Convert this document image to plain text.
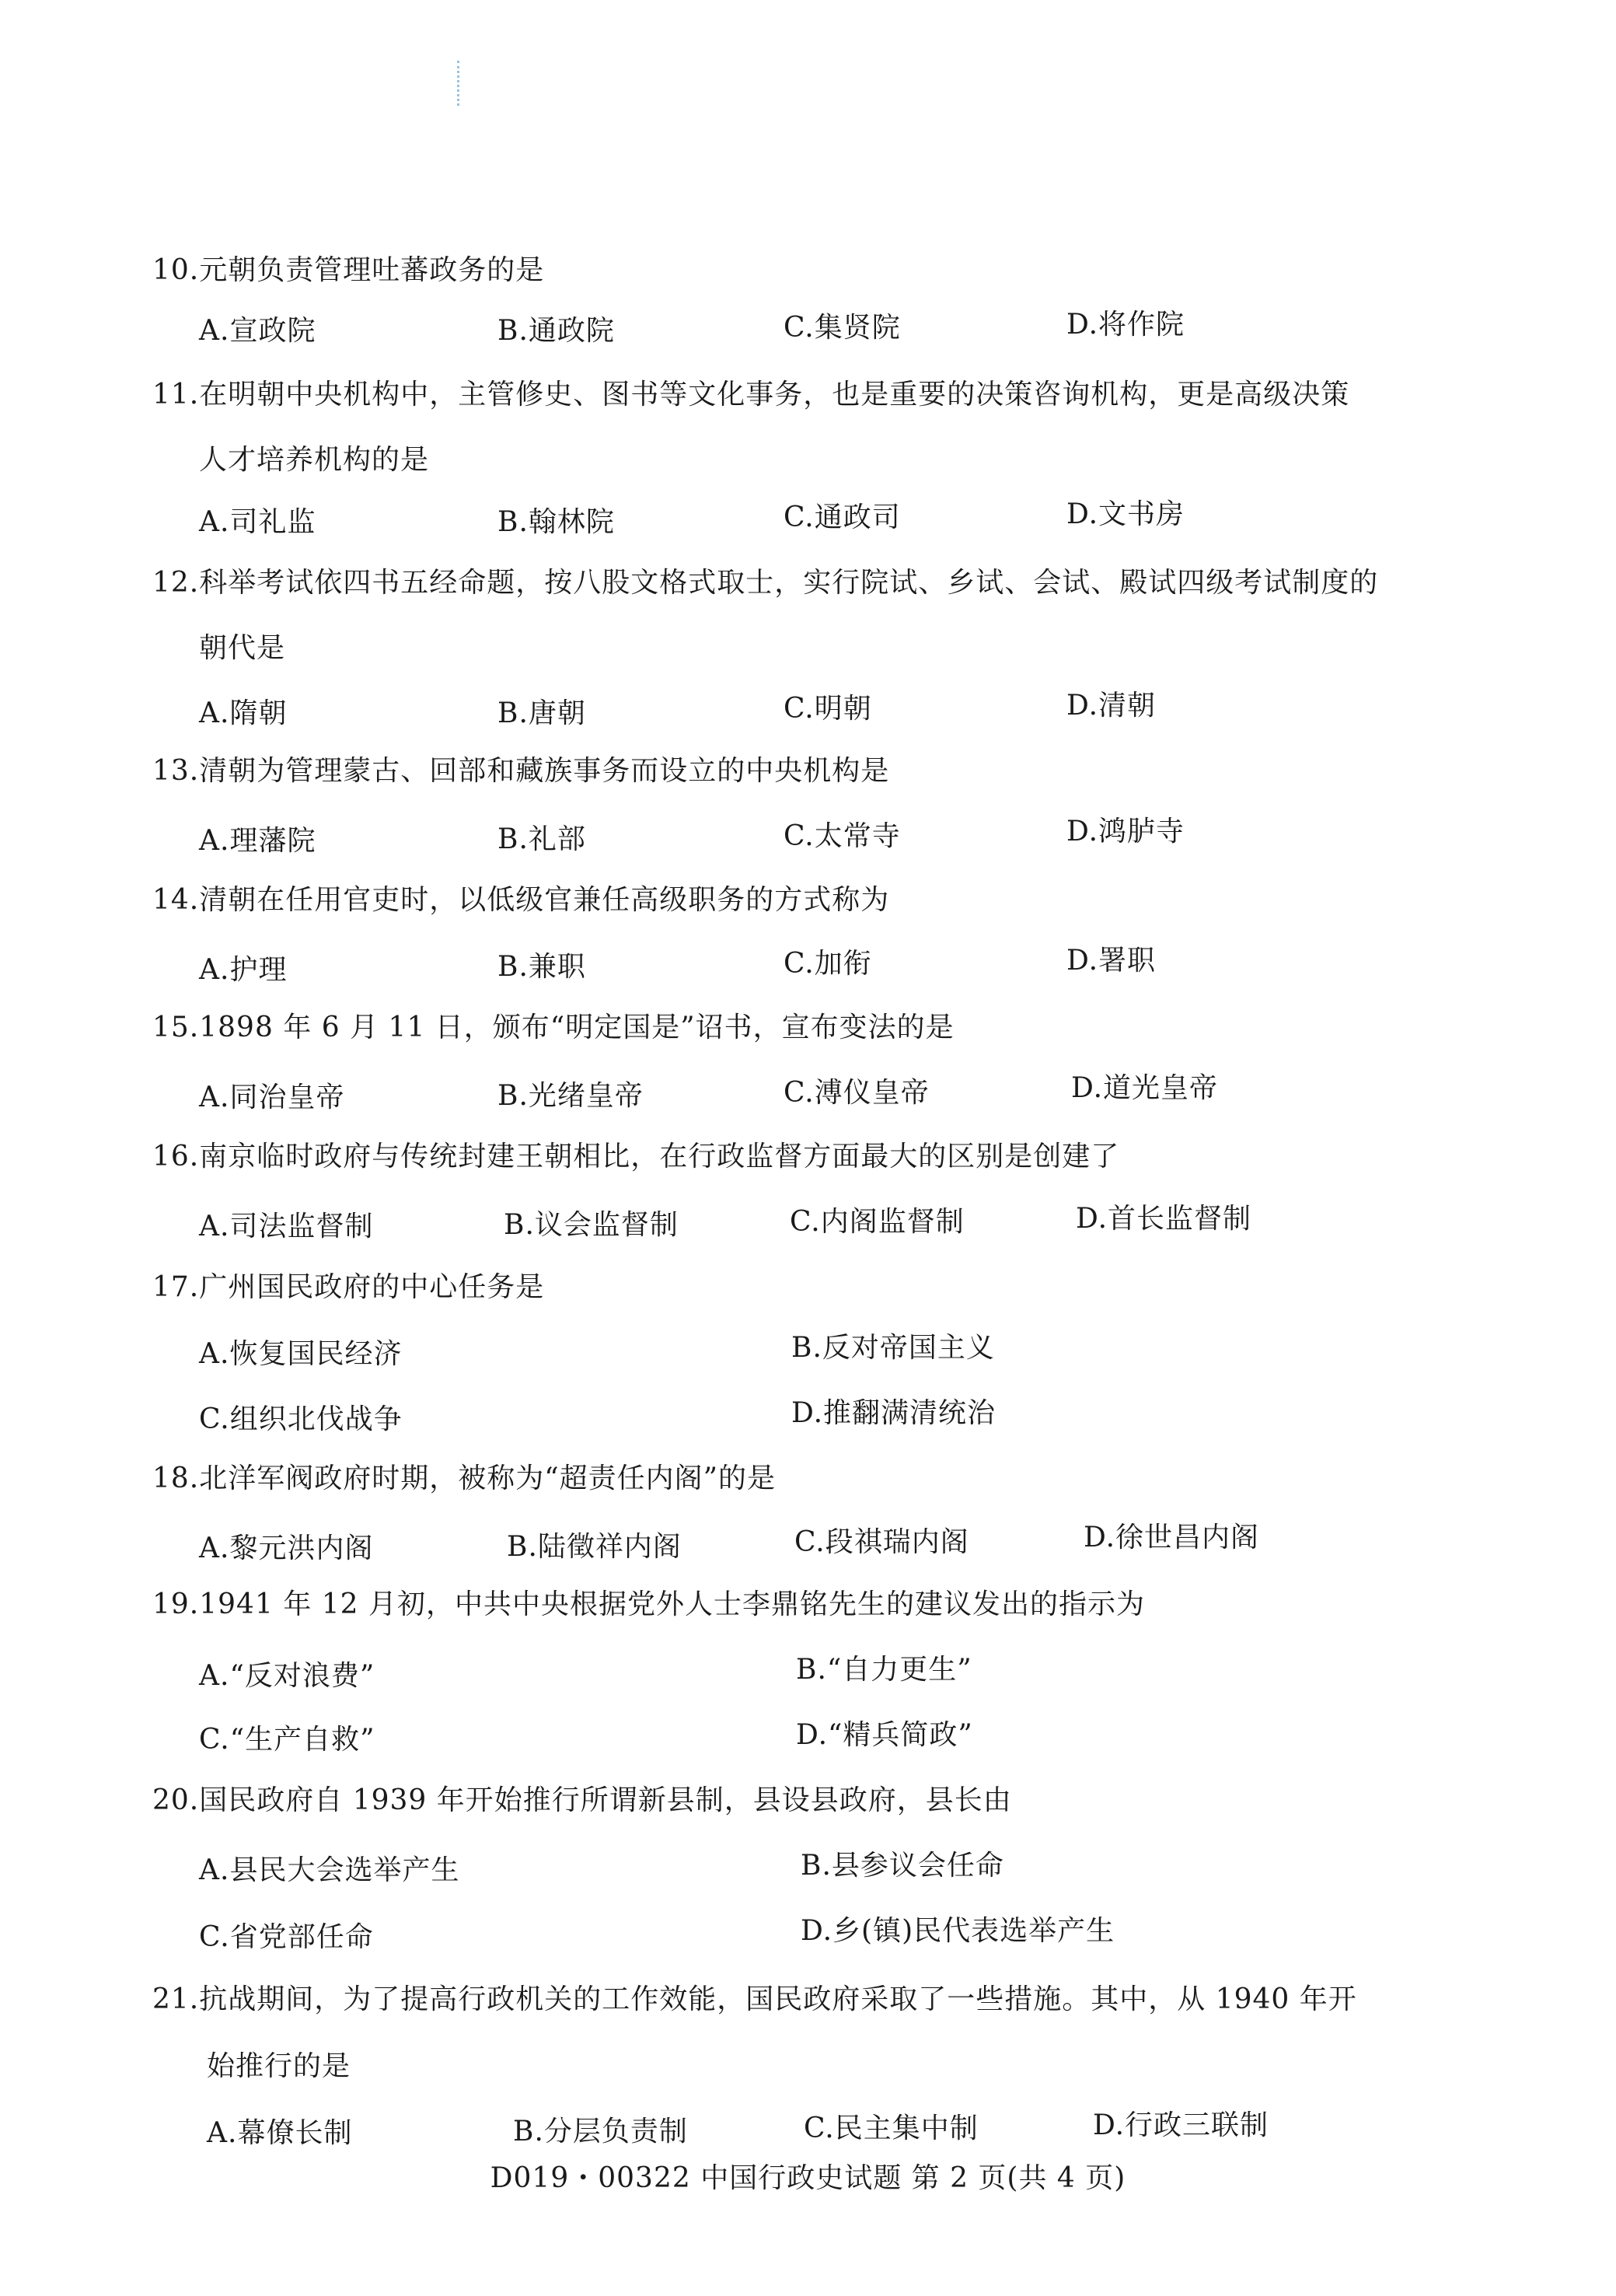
10.元朝负责管理吐蕃政务的是
A.宣政院	B.通政院	C.集贤院	D.将作院
11.在明朝中央机构中，主管修史、图书等文化事务，也是重要的决策咨询机构，更是高级决策
人才培养机构的是
A.司礼监	B.翰林院	C.通政司	D.文书房
12.科举考试依四书五经命题，按八股文格式取士，实行院试、乡试、会试、殿试四级考试制度的
朝代是
A.隋朝	B.唐朝	C.明朝	D.清朝
13.清朝为管理蒙古、回部和藏族事务而设立的中央机构是
A.理藩院	B.礼部	C.太常寺	D.鸿胪寺
14.清朝在任用官吏时，以低级官兼任高级职务的方式称为
A.护理	B.兼职	C.加衔	D.署职
15.1898 年 6 月 11 日，颁布“明定国是”诏书，宣布变法的是
A.同治皇帝	B.光绪皇帝	C.溥仪皇帝	D.道光皇帝
16.南京临时政府与传统封建王朝相比，在行政监督方面最大的区别是创建了
A.司法监督制	B.议会监督制	C.内阁监督制	D.首长监督制
17.广州国民政府的中心任务是
A.恢复国民经济	B.反对帝国主义
C.组织北伐战争	D.推翻满清统治
18.北洋军阀政府时期，被称为“超责任内阁”的是
A.黎元洪内阁	B.陆徵祥内阁	C.段祺瑞内阁	D.徐世昌内阁
19.1941 年 12 月初，中共中央根据党外人士李鼎铭先生的建议发出的指示为
A.“反对浪费”	B.“自力更生”
C.“生产自救”	D.“精兵简政”
20.国民政府自 1939 年开始推行所谓新县制，县设县政府，县长由
A.县民大会选举产生	B.县参议会任命
C.省党部任命	D.乡(镇)民代表选举产生
21.抗战期间，为了提高行政机关的工作效能，国民政府采取了一些措施。其中，从 1940 年开
始推行的是
A.幕僚长制	B.分层负责制	C.民主集中制	D.行政三联制
D019・00322 中国行政史试题 第 2 页(共 4 页)
